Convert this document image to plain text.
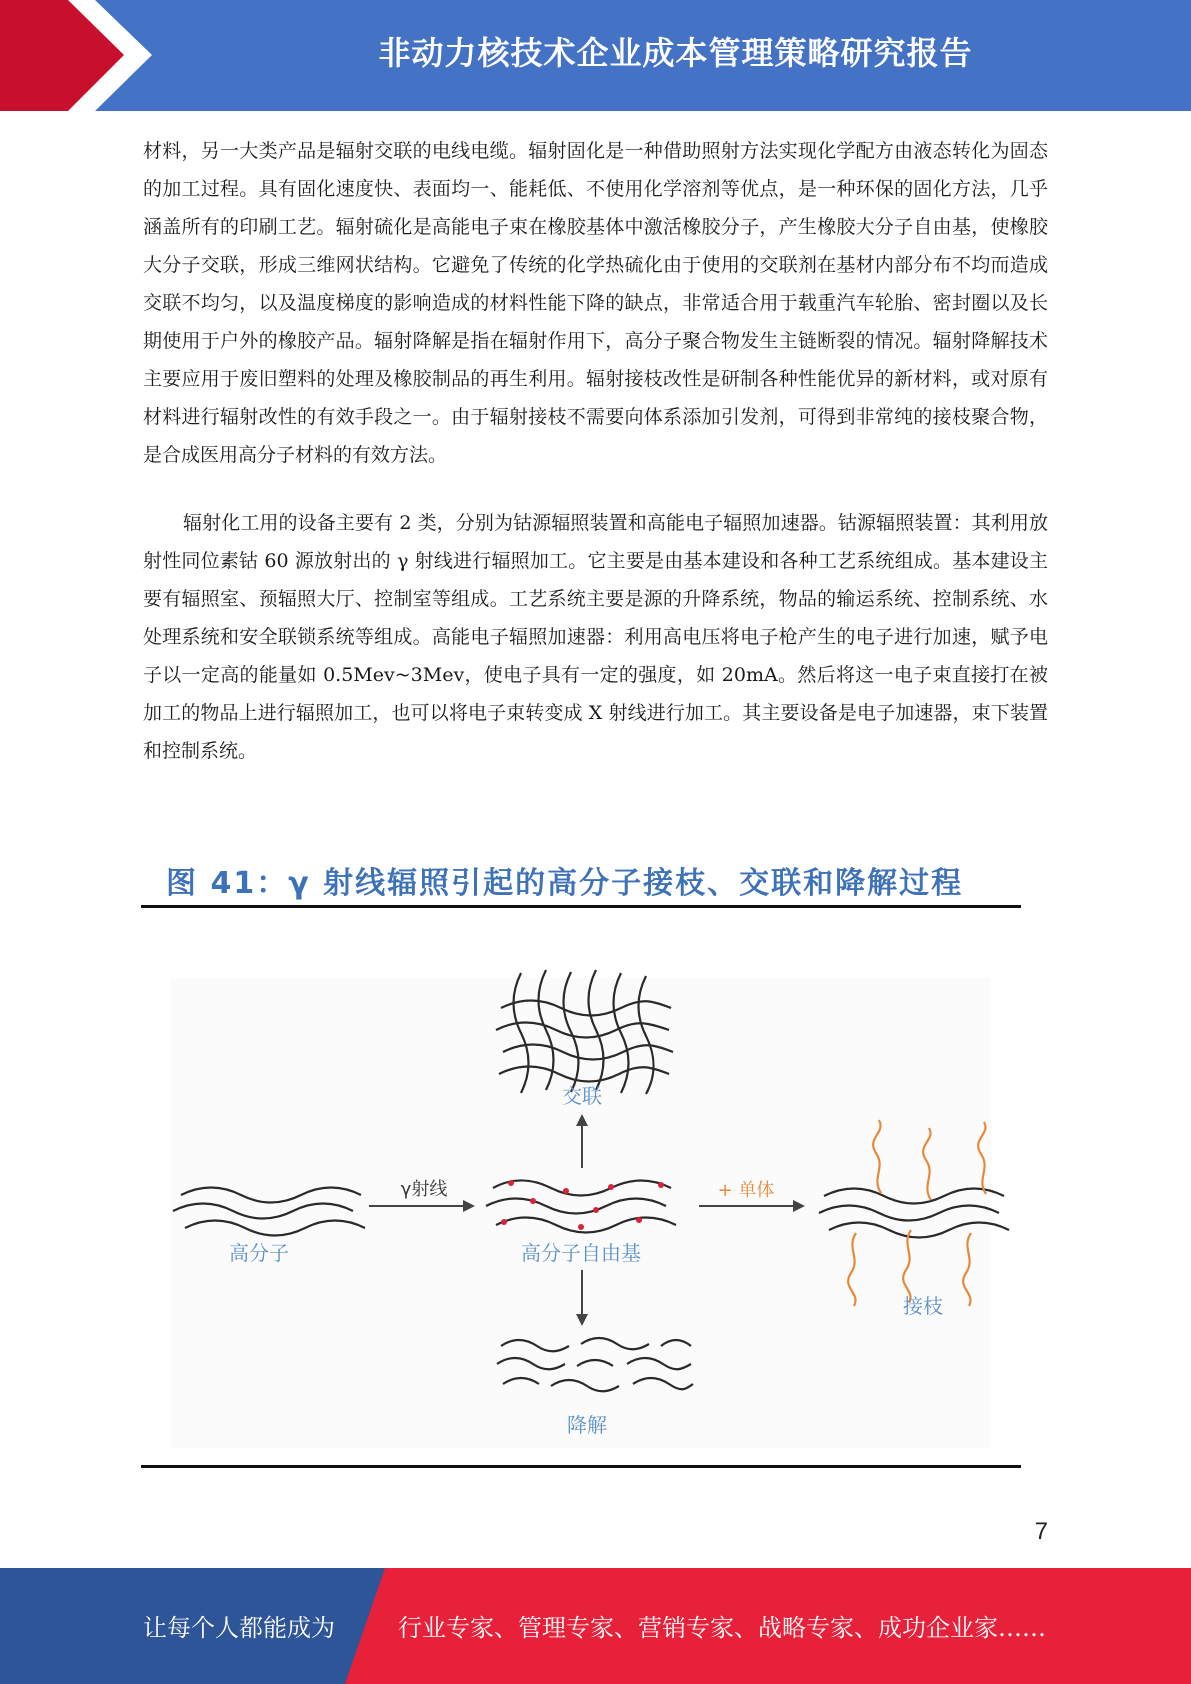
非动力核技术企业成本管理策略研究报告

材料，另一大类产品是辐射交联的电线电缆。辐射固化是一种借助照射方法实现化学配方由液态转化为固态的加工过程。具有固化速度快、表面均一、能耗低、不使用化学溶剂等优点，是一种环保的固化方法，几乎涵盖所有的印刷工艺。辐射硫化是高能电子束在橡胶基体中激活橡胶分子，产生橡胶大分子自由基，使橡胶大分子交联，形成三维网状结构。它避免了传统的化学热硫化由于使用的交联剂在基材内部分布不均而造成交联不均匀，以及温度梯度的影响造成的材料性能下降的缺点，非常适合用于载重汽车轮胎、密封圈以及长期使用于户外的橡胶产品。辐射降解是指在辐射作用下，高分子聚合物发生主链断裂的情况。辐射降解技术主要应用于废旧塑料的处理及橡胶制品的再生利用。辐射接枝改性是研制各种性能优异的新材料，或对原有材料进行辐射改性的有效手段之一。由于辐射接枝不需要向体系添加引发剂，可得到非常纯的接枝聚合物，是合成医用高分子材料的有效方法。

辐射化工用的设备主要有 2 类，分别为钴源辐照装置和高能电子辐照加速器。钴源辐照装置：其利用放射性同位素钴 60 源放射出的 γ 射线进行辐照加工。它主要是由基本建设和各种工艺系统组成。基本建设主要有辐照室、预辐照大厅、控制室等组成。工艺系统主要是源的升降系统，物品的输运系统、控制系统、水处理系统和安全联锁系统等组成。高能电子辐照加速器：利用高电压将电子枪产生的电子进行加速，赋予电子以一定高的能量如 0.5Mev~3Mev，使电子具有一定的强度，如 20mA。然后将这一电子束直接打在被加工的物品上进行辐照加工，也可以将电子束转变成 X 射线进行加工。其主要设备是电子加速器，束下装置和控制系统。

图 41：γ 射线辐照引起的高分子接枝、交联和降解过程
高分子
γ射线
高分子自由基
交联
降解
+ 单体
接枝
7
让每个人都能成为	行业专家、管理专家、营销专家、战略专家、成功企业家……
